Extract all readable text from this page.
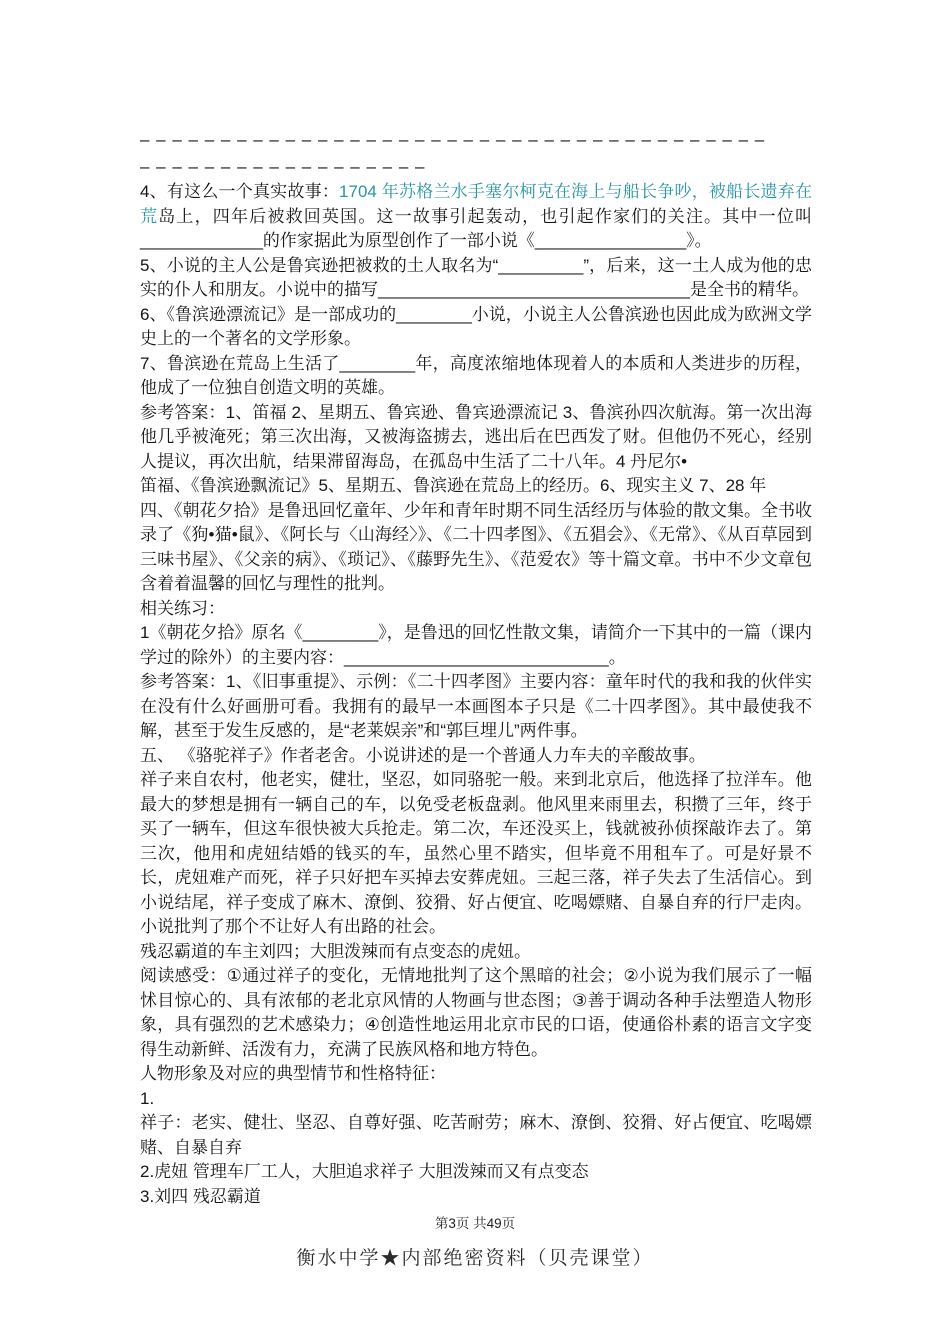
– – – – – – – – – – – – – – – – – – – – – – – – – – – – – – – – – – – – – – –

– – – – – – – – – – – – – – – – – –

4、有这么一个真实故事：1704 年苏格兰水手塞尔柯克在海上与船长争吵，被船长遗弃在荒岛上，四年后被救回英国。这一故事引起轰动，也引起作家们的关注。其中一位叫_____________的作家据此为原型创作了一部小说《________________》。

5、小说的主人公是鲁宾逊把被救的土人取名为“_________”，后来，这一土人成为他的忠实的仆人和朋友。小说中的描写_________________________________是全书的精华。

6、《鲁滨逊漂流记》是一部成功的________小说，小说主人公鲁滨逊也因此成为欧洲文学史上的一个著名的文学形象。

7、鲁滨逊在荒岛上生活了________年，高度浓缩地体现着人的本质和人类进步的历程，他成了一位独自创造文明的英雄。

参考答案：1、笛福 2、星期五、鲁宾逊、鲁宾逊漂流记 3、鲁滨孙四次航海。第一次出海他几乎被淹死；第三次出海，又被海盗掳去，逃出后在巴西发了财。但他仍不死心，经别人提议，再次出航，结果滞留海岛，在孤岛中生活了二十八年。4 丹尼尔•

笛福、《鲁滨逊飘流记》5、星期五、鲁滨逊在荒岛上的经历。6、现实主义 7、28 年

四、《朝花夕拾》是鲁迅回忆童年、少年和青年时期不同生活经历与体验的散文集。全书收录了《狗•猫•鼠》、《阿长与〈山海经〉》、《二十四孝图》、《五猖会》、《无常》、《从百草园到三味书屋》、《父亲的病》、《琐记》、《藤野先生》、《范爱农》等十篇文章。书中不少文章包含着着温馨的回忆与理性的批判。

相关练习：

1《朝花夕拾》原名《________》，是鲁迅的回忆性散文集，请简介一下其中的一篇（课内学过的除外）的主要内容：____________________________。

参考答案：1、《旧事重提》、示例：《二十四孝图》主要内容：童年时代的我和我的伙伴实在没有什么好画册可看。我拥有的最早一本画图本子只是《二十四孝图》。其中最使我不解，甚至于发生反感的，是“老莱娱亲”和“郭巨埋儿”两件事。

五、 《骆驼祥子》作者老舍。小说讲述的是一个普通人力车夫的辛酸故事。

祥子来自农村，他老实，健壮，坚忍，如同骆驼一般。来到北京后，他选择了拉洋车。他最大的梦想是拥有一辆自己的车，以免受老板盘剥。他风里来雨里去，积攒了三年，终于买了一辆车，但这车很快被大兵抢走。第二次，车还没买上，钱就被孙侦探敲诈去了。第三次，他用和虎妞结婚的钱买的车，虽然心里不踏实，但毕竟不用租车了。可是好景不长，虎妞难产而死，祥子只好把车买掉去安葬虎妞。三起三落，祥子失去了生活信心。到小说结尾，祥子变成了麻木、潦倒、狡猾、好占便宜、吃喝嫖赌、自暴自弃的行尸走肉。小说批判了那个不让好人有出路的社会。

残忍霸道的车主刘四；大胆泼辣而有点变态的虎妞。

阅读感受：①通过祥子的变化，无情地批判了这个黑暗的社会；②小说为我们展示了一幅怵目惊心的、具有浓郁的老北京风情的人物画与世态图；③善于调动各种手法塑造人物形象，具有强烈的艺术感染力；④创造性地运用北京市民的口语，使通俗朴素的语言文字变得生动新鲜、活泼有力，充满了民族风格和地方特色。

人物形象及对应的典型情节和性格特征：

1.

祥子：老实、健壮、坚忍、自尊好强、吃苦耐劳；麻木、潦倒、狡猾、好占便宜、吃喝嫖赌、自暴自弃

2.虎妞 管理车厂工人，大胆追求祥子 大胆泼辣而又有点变态

3.刘四 残忍霸道

第3页 共49页
衡水中学★内部绝密资料（贝壳课堂）
